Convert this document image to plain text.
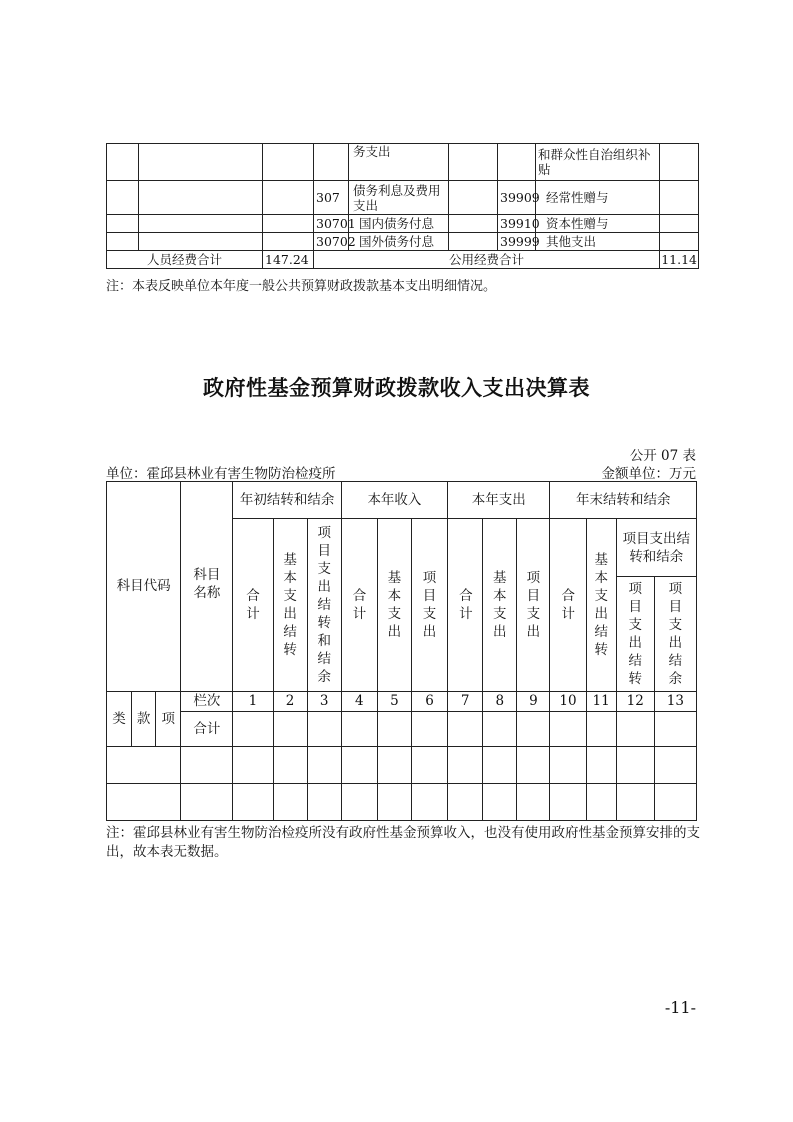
				务支出			和群众性自治组织补贴	
			307	债务利息及费用支出		39909	经常性赠与	
			30701	国内债务付息		39910	资本性赠与	
			30702	国外债务付息		39999	其他支出	
人员经费合计		147.24	公用经费合计					11.14
注：本表反映单位本年度一般公共预算财政拨款基本支出明细情况。
政府性基金预算财政拨款收入支出决算表
公开 07 表
单位：霍邱县林业有害生物防治检疫所	金额单位：万元
科目代码			科目名称	年初结转和结余			本年收入			本年支出			年末结转和结余			
				合计	基本支出结转	项目支出结转和结余	合计	基本支出	项目支出	合计	基本支出	项目支出	合计	基本支出结转	项目支出结转和结余	
															项目支出结转	项目支出结余
类	款	项	栏次	1	2	3	4	5	6	7	8	9	10	11	12	13
			合计													

注：霍邱县林业有害生物防治检疫所没有政府性基金预算收入，也没有使用政府性基金预算安排的支出，故本表无数据。
-11-
